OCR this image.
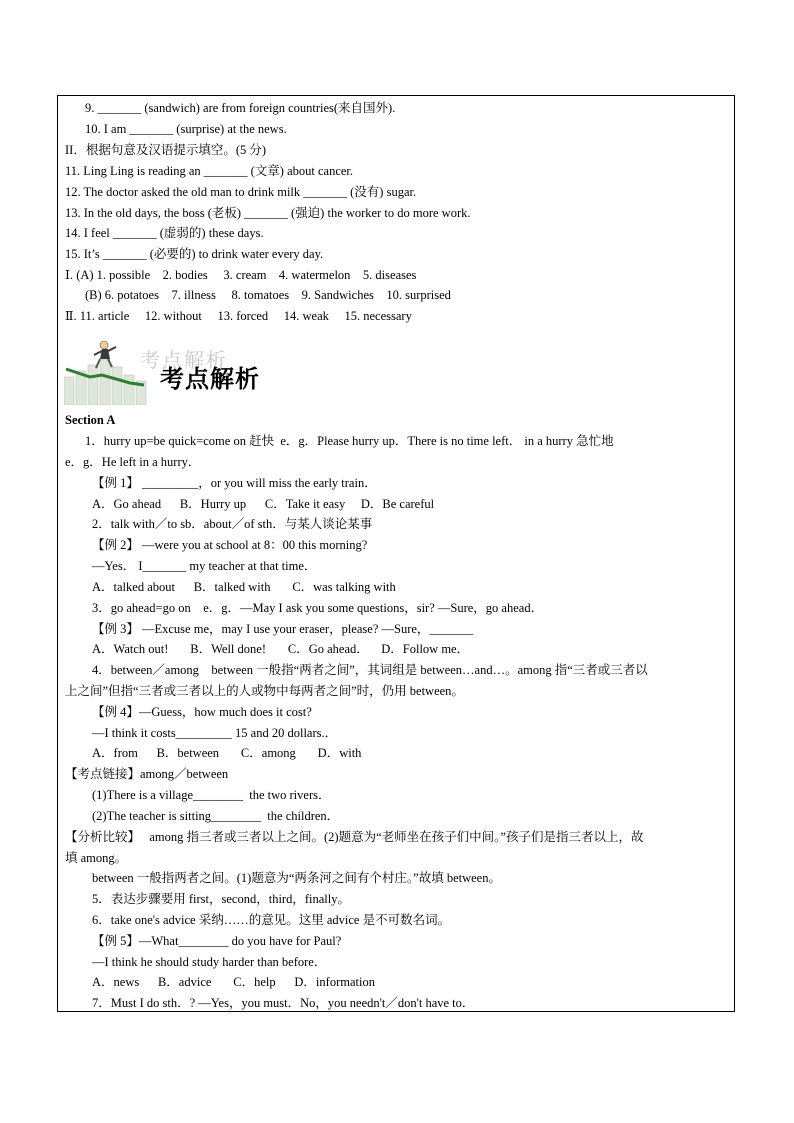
9. _______ (sandwich) are from foreign countries(来自国外).
10. I am _______ (surprise) at the news.
II．根据句意及汉语提示填空。(5 分)
11. Ling Ling is reading an _______ (文章) about cancer.
12. The doctor asked the old man to drink milk _______ (没有) sugar.
13. In the old days, the boss (老板) _______ (强迫) the worker to do more work.
14. I feel _______ (虚弱的) these days.
15. It’s _______ (必要的) to drink water every day.
Ⅰ. (A) 1. possible    2. bodies     3. cream    4. watermelon    5. diseases
(B) 6. potatoes    7. illness     8. tomatoes    9. Sandwiches    10. surprised
Ⅱ. 11. article     12. without     13. forced     14. weak     15. necessary
考点解析
考点解析
Section A
1．hurry up=be quick=come on 赶快  e．g．Please hurry up．There is no time left． in a hurry 急忙地
e．g．He left in a hurry．
【例 1】 _________，or you will miss the early train．
A．Go ahead      B．Hurry up      C．Take it easy     D．Be careful
2．talk with／to sb．about／of sth．与某人谈论某事
【例 2】 —were you at school at 8：00 this morning?
—Yes． I_______ my teacher at that time．
A．talked about      B．talked with       C．was talking with
3．go ahead=go on    e．g．—May I ask you some questions，sir? —Sure，go ahead．
【例 3】 —Excuse me，may I use your eraser，please? —Sure，_______
A．Watch out!       B．Well done!       C．Go ahead．    D．Follow me．
4．between／among    between 一般指“两者之间”，其词组是 between…and…。among 指“三者或三者以
上之间”但指“三者或三者以上的人或物中每两者之间”时，仍用 between。
【例 4】—Guess，how much does it cost?
—I think it costs_________ 15 and 20 dollars.．
A．from      B．between       C．among       D．with
【考点链接】among／between
(1)There is a village________  the two rivers．
(2)The teacher is sitting________  the children．
【分析比较】   among 指三者或三者以上之间。(2)题意为“老师坐在孩子们中间。”孩子们是指三者以上，故
填 among。
between 一般指两者之间。(1)题意为“两条河之间有个村庄。”故填 between。
5．表达步骤要用 first，second，third，finally。
6．take one's advice 采纳……的意见。这里 advice 是不可数名词。
【例 5】—What________ do you have for Paul?
—I think he should study harder than before．
A．news      B．advice       C．help      D．information
7．Must I do sth．? —Yes，you must．No，you needn't／don't have to．
